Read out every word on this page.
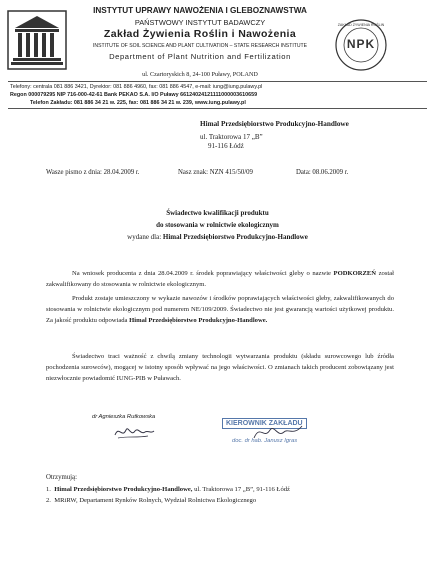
NPK
ZAKŁAD ŻYWIENIA ROŚLIN
INSTYTUT UPRAWY NAWOŻENIA I GLEBOZNAWSTWA
PAŃSTWOWY INSTYTUT BADAWCZY
Zakład Żywienia Roślin i Nawożenia
INSTITUTE OF SOIL SCIENCE AND PLANT CULTIVATION – STATE RESEARCH INSTITUTE
Department of Plant Nutrition and Fertilization
ul. Czartoryskich 8, 24-100 Puławy, POLAND
Telefony: centrala 081 886 3421, Dyrektor: 081 886 4960, fax: 081 886 4547, e-mail: iung@iung.pulawy.pl
Regon 000079295 NIP 716-000-42-61 Bank PEKAO S.A. I/O Puławy 66124024121111000003610659
Telefon Zakładu: 081 886 34 21 w. 225, fax: 081 886 34 21 w. 239, www.iung.pulawy.pl
Himal Przedsiębiorstwo Produkcyjno-Handlowe
ul. Traktorowa 17 „B”
91-116 Łódź
Wasze pismo z dnia: 28.04.2009 r.	Nasz znak: NZN 415/50/09	Data: 08.06.2009 r.
Świadectwo kwalifikacji produktu
do stosowania w rolnictwie ekologicznym
wydane dla: Himal Przedsiębiorstwo Produkcyjno-Handlowe
Na wniosek producenta z dnia 28.04.2009 r. środek poprawiający właściwości gleby o nazwie PODKORZEŃ został zakwalifikowany do stosowania w rolnictwie ekologicznym.
Produkt zostaje umieszczony w wykazie nawozów i środków poprawiających właściwości gleby, zakwalifikowanych do stosowania w rolnictwie ekologicznym pod numerem NE/109/2009. Świadectwo nie jest gwarancją wartości użytkowej produktu. Za jakość produktu odpowiada Himal Przedsiębiorstwo Produkcyjno-Handlowe.
Świadectwo traci ważność z chwilą zmiany technologii wytwarzania produktu (składu surowcowego lub źródła pochodzenia surowców), mogącej w istotny sposób wpływać na jego właściwości. O zmianach takich producent zobowiązany jest niezwłocznie powiadomić IUNG-PIB w Puławach.
dr Agnieszka Rutkowska
KIEROWNIK ZAKŁADU
doc. dr hab. Janusz Igras
Otrzymują:
1. Himal Przedsiębiorstwo Produkcyjno-Handlowe, ul. Traktorowa 17 „B”, 91-116 Łódź
2. MRiRW, Departament Rynków Rolnych, Wydział Rolnictwa Ekologicznego
